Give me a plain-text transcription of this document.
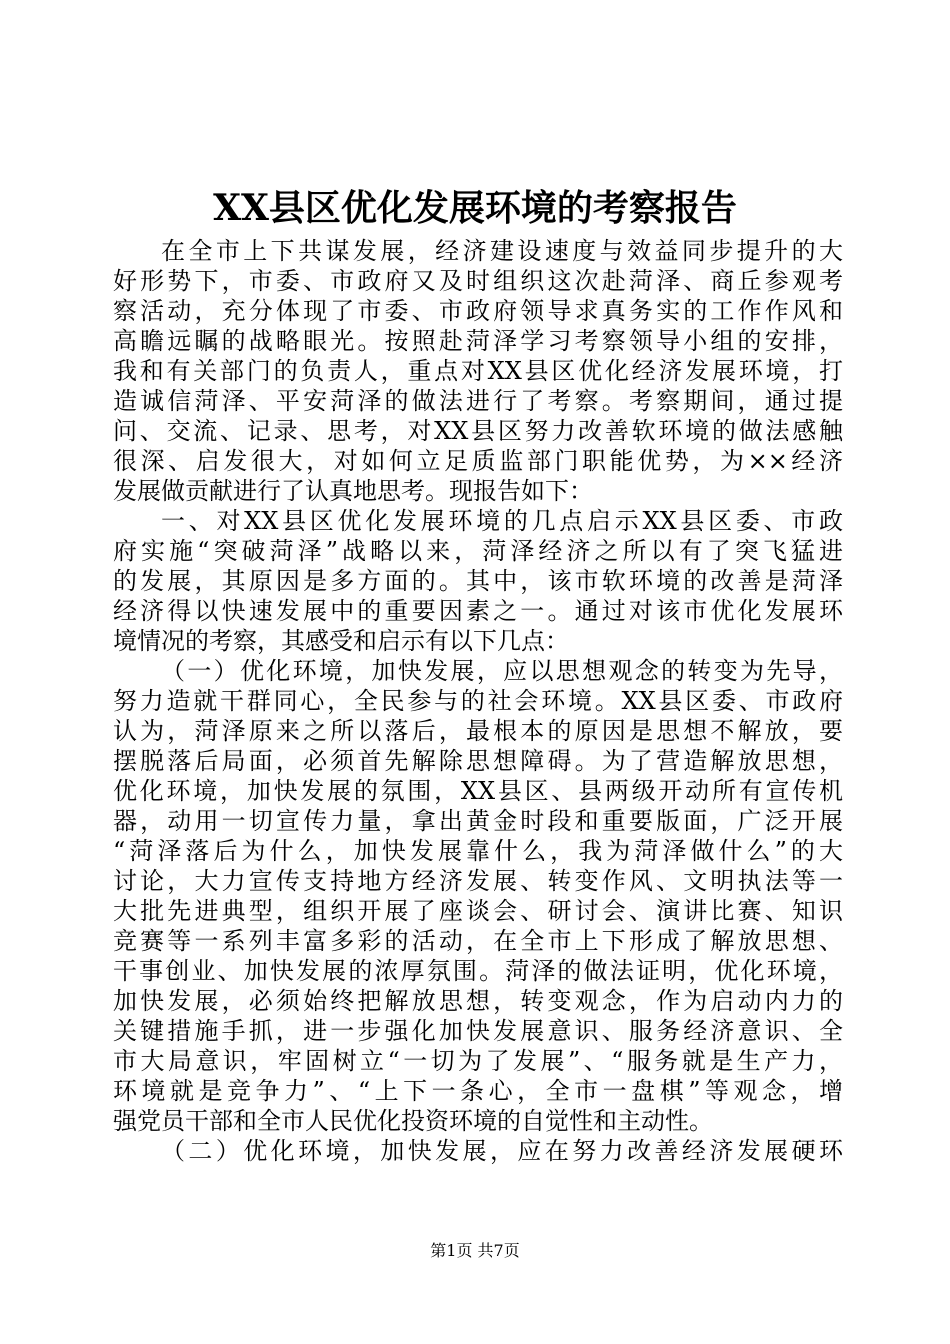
XX县区优化发展环境的考察报告
在全市上下共谋发展，经济建设速度与效益同步提升的大
好形势下，市委、市政府又及时组织这次赴菏泽、商丘参观考
察活动，充分体现了市委、市政府领导求真务实的工作作风和
高瞻远瞩的战略眼光。按照赴菏泽学习考察领导小组的安排，
我和有关部门的负责人，重点对XX县区优化经济发展环境，打
造诚信菏泽、平安菏泽的做法进行了考察。考察期间，通过提
问、交流、记录、思考，对XX县区努力改善软环境的做法感触
很深、启发很大，对如何立足质监部门职能优势，为××经济
发展做贡献进行了认真地思考。现报告如下：
一、对XX县区优化发展环境的几点启示XX县区委、市政
府实施“突破菏泽”战略以来，菏泽经济之所以有了突飞猛进
的发展，其原因是多方面的。其中，该市软环境的改善是菏泽
经济得以快速发展中的重要因素之一。通过对该市优化发展环
境情况的考察，其感受和启示有以下几点：
（一）优化环境，加快发展，应以思想观念的转变为先导，
努力造就干群同心，全民参与的社会环境。XX县区委、市政府
认为，菏泽原来之所以落后，最根本的原因是思想不解放，要
摆脱落后局面，必须首先解除思想障碍。为了营造解放思想，
优化环境，加快发展的氛围，XX县区、县两级开动所有宣传机
器，动用一切宣传力量，拿出黄金时段和重要版面，广泛开展
“菏泽落后为什么，加快发展靠什么，我为菏泽做什么”的大
讨论，大力宣传支持地方经济发展、转变作风、文明执法等一
大批先进典型，组织开展了座谈会、研讨会、演讲比赛、知识
竞赛等一系列丰富多彩的活动，在全市上下形成了解放思想、
干事创业、加快发展的浓厚氛围。菏泽的做法证明，优化环境，
加快发展，必须始终把解放思想，转变观念，作为启动内力的
关键措施手抓，进一步强化加快发展意识、服务经济意识、全
市大局意识，牢固树立“一切为了发展”、“服务就是生产力，
环境就是竞争力”、“上下一条心，全市一盘棋”等观念，增
强党员干部和全市人民优化投资环境的自觉性和主动性。
（二）优化环境，加快发展，应在努力改善经济发展硬环
第1页 共7页
